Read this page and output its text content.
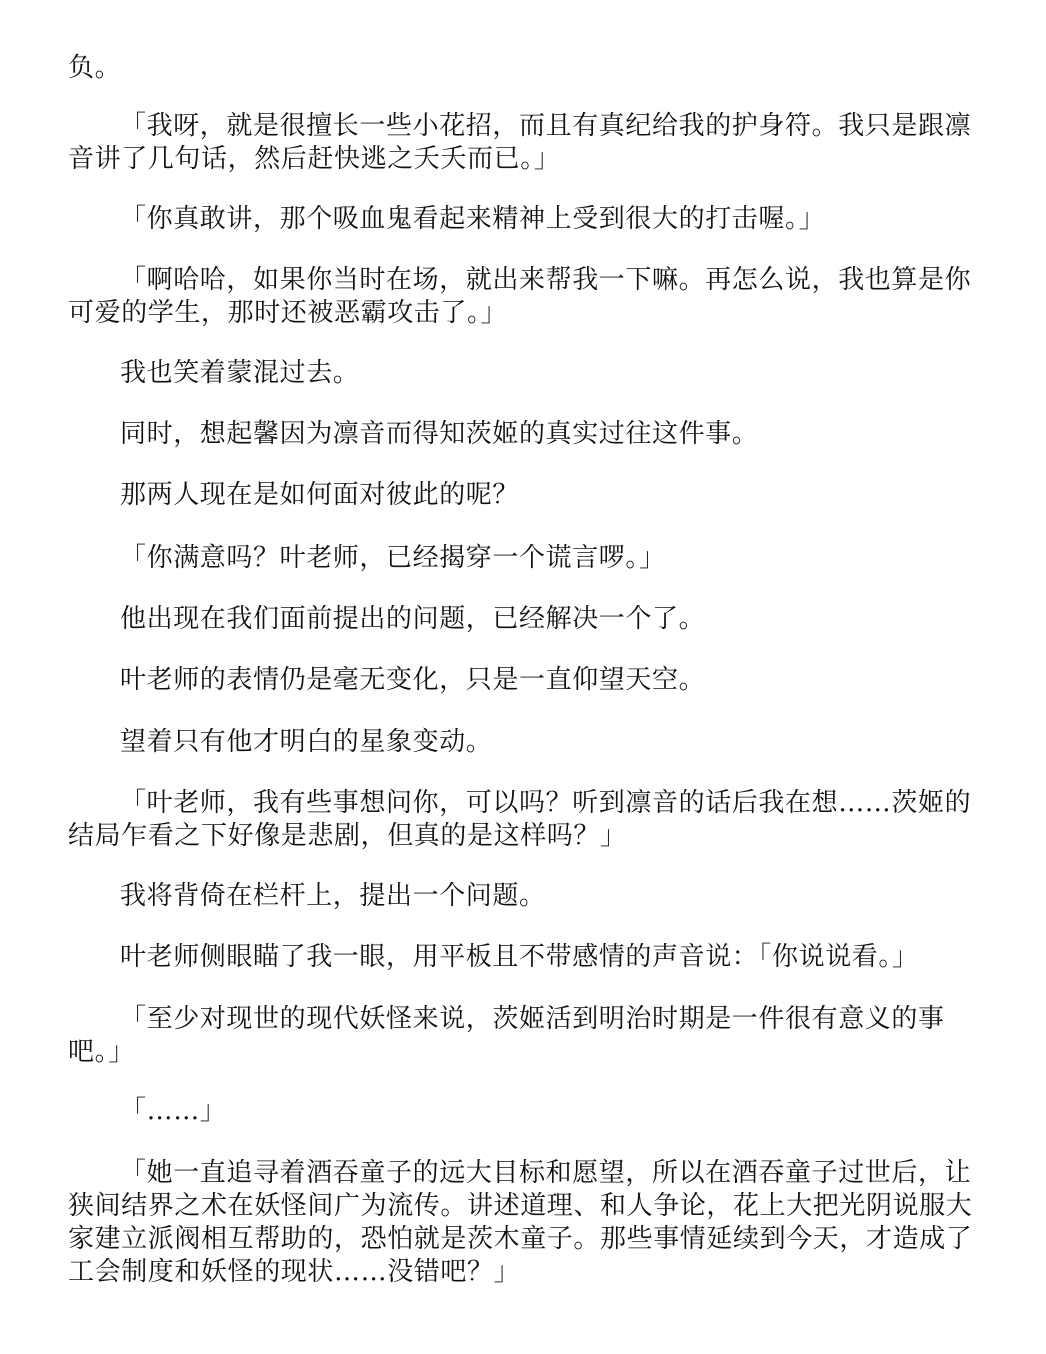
负。

「我呀，就是很擅长一些小花招，而且有真纪给我的护身符。我只是跟凛音讲了几句话，然后赶快逃之夭夭而已。」

「你真敢讲，那个吸血鬼看起来精神上受到很大的打击喔。」

「啊哈哈，如果你当时在场，就出来帮我一下嘛。再怎么说，我也算是你可爱的学生，那时还被恶霸攻击了。」

我也笑着蒙混过去。

同时，想起馨因为凛音而得知茨姬的真实过往这件事。

那两人现在是如何面对彼此的呢？

「你满意吗？叶老师，已经揭穿一个谎言啰。」

他出现在我们面前提出的问题，已经解决一个了。

叶老师的表情仍是毫无变化，只是一直仰望天空。

望着只有他才明白的星象变动。

「叶老师，我有些事想问你，可以吗？听到凛音的话后我在想……茨姬的结局乍看之下好像是悲剧，但真的是这样吗？」

我将背倚在栏杆上，提出一个问题。

叶老师侧眼瞄了我一眼，用平板且不带感情的声音说：「你说说看。」

「至少对现世的现代妖怪来说，茨姬活到明治时期是一件很有意义的事吧。」

「……」

「她一直追寻着酒吞童子的远大目标和愿望，所以在酒吞童子过世后，让狭间结界之术在妖怪间广为流传。讲述道理、和人争论，花上大把光阴说服大家建立派阀相互帮助的，恐怕就是茨木童子。那些事情延续到今天，才造成了工会制度和妖怪的现状……没错吧？」
